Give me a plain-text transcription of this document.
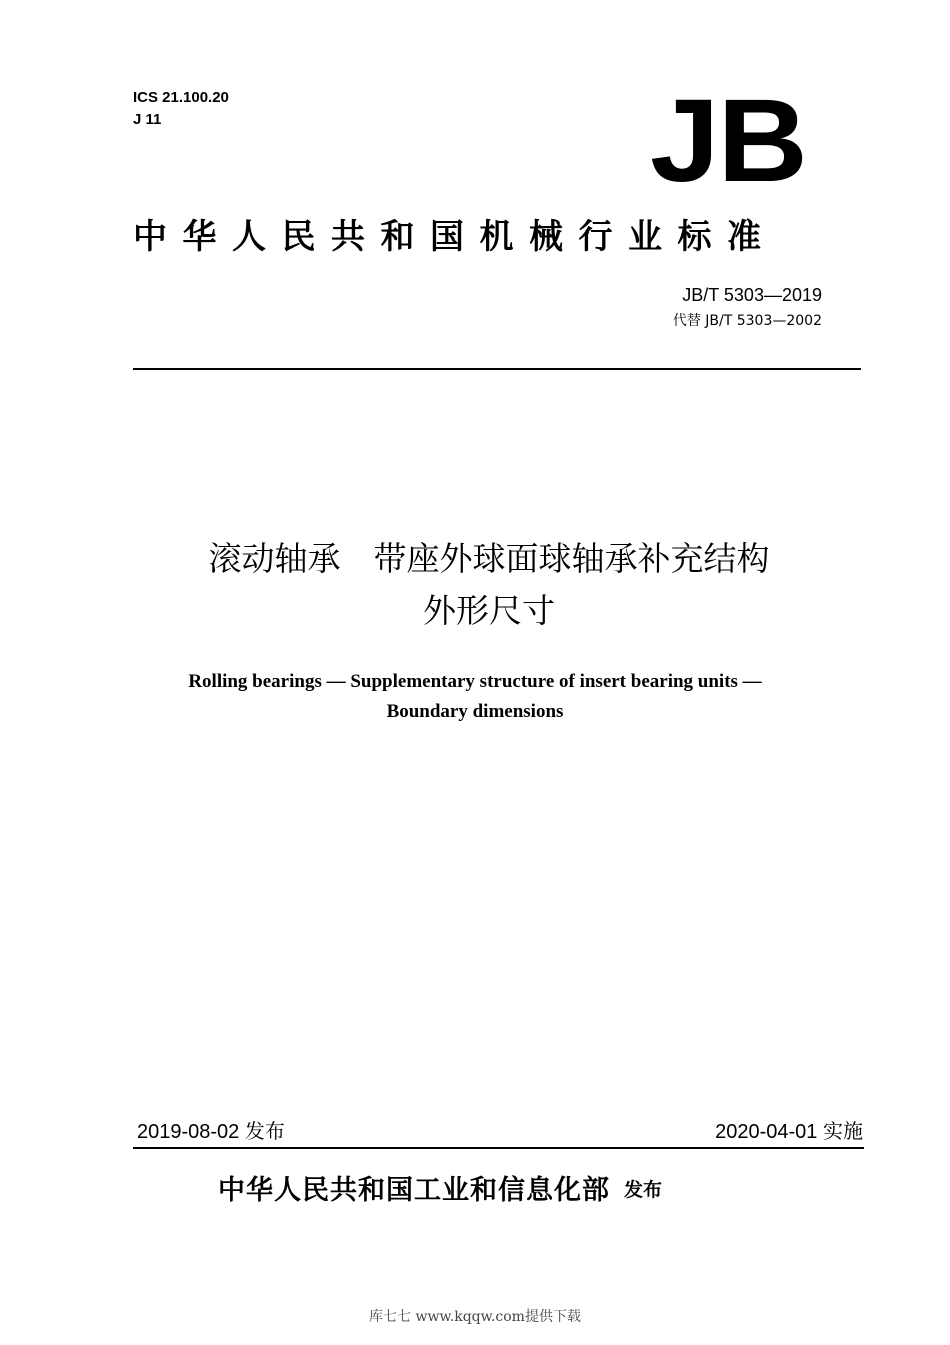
ICS 21.100.20
J 11	JB
中华人民共和国机械行业标准
JB/T 5303—2019
代替 JB/T 5303—2002
滚动轴承　带座外球面球轴承补充结构
外形尺寸
Rolling bearings — Supplementary structure of insert bearing units —
Boundary dimensions
2019-08-02 发布	2020-04-01 实施
中华人民共和国工业和信息化部 发布
库七七 www.kqqw.com提供下载
